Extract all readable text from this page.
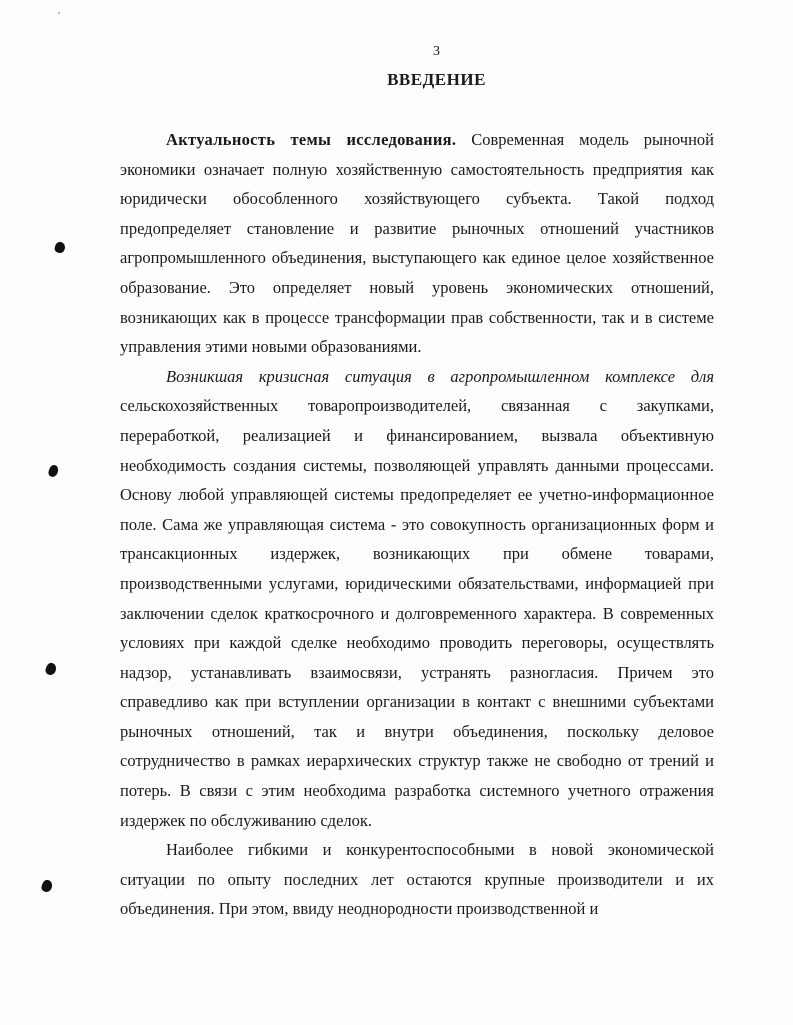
3
ВВЕДЕНИЕ

Актуальность темы исследования. Современная модель рыночной экономики означает полную хозяйственную самостоятельность предприятия как юридически обособленного хозяйствующего субъекта. Такой подход предопределяет становление и развитие рыночных отношений участников агропромышленного объединения, выступающего как единое целое хозяйственное образование. Это определяет новый уровень экономических отношений, возникающих как в процессе трансформации прав собственности, так и в системе управления этими новыми образованиями.

Возникшая кризисная ситуация в агропромышленном комплексе для сельскохозяйственных товаропроизводителей, связанная с закупками, переработкой, реализацией и финансированием, вызвала объективную необходимость создания системы, позволяющей управлять данными процессами. Основу любой управляющей системы предопределяет ее учетно-информационное поле. Сама же управляющая система - это совокупность организационных форм и трансакционных издержек, возникающих при обмене товарами, производственными услугами, юридическими обязательствами, информацией при заключении сделок краткосрочного и долговременного характера. В современных условиях при каждой сделке необходимо проводить переговоры, осуществлять надзор, устанавливать взаимосвязи, устранять разногласия. Причем это справедливо как при вступлении организации в контакт с внешними субъектами рыночных отношений, так и внутри объединения, поскольку деловое сотрудничество в рамках иерархических структур также не свободно от трений и потерь. В связи с этим необходима разработка системного учетного отражения издержек по обслуживанию сделок.

Наиболее гибкими и конкурентоспособными в новой экономической ситуации по опыту последних лет остаются крупные производители и их объединения. При этом, ввиду неоднородности производственной и
